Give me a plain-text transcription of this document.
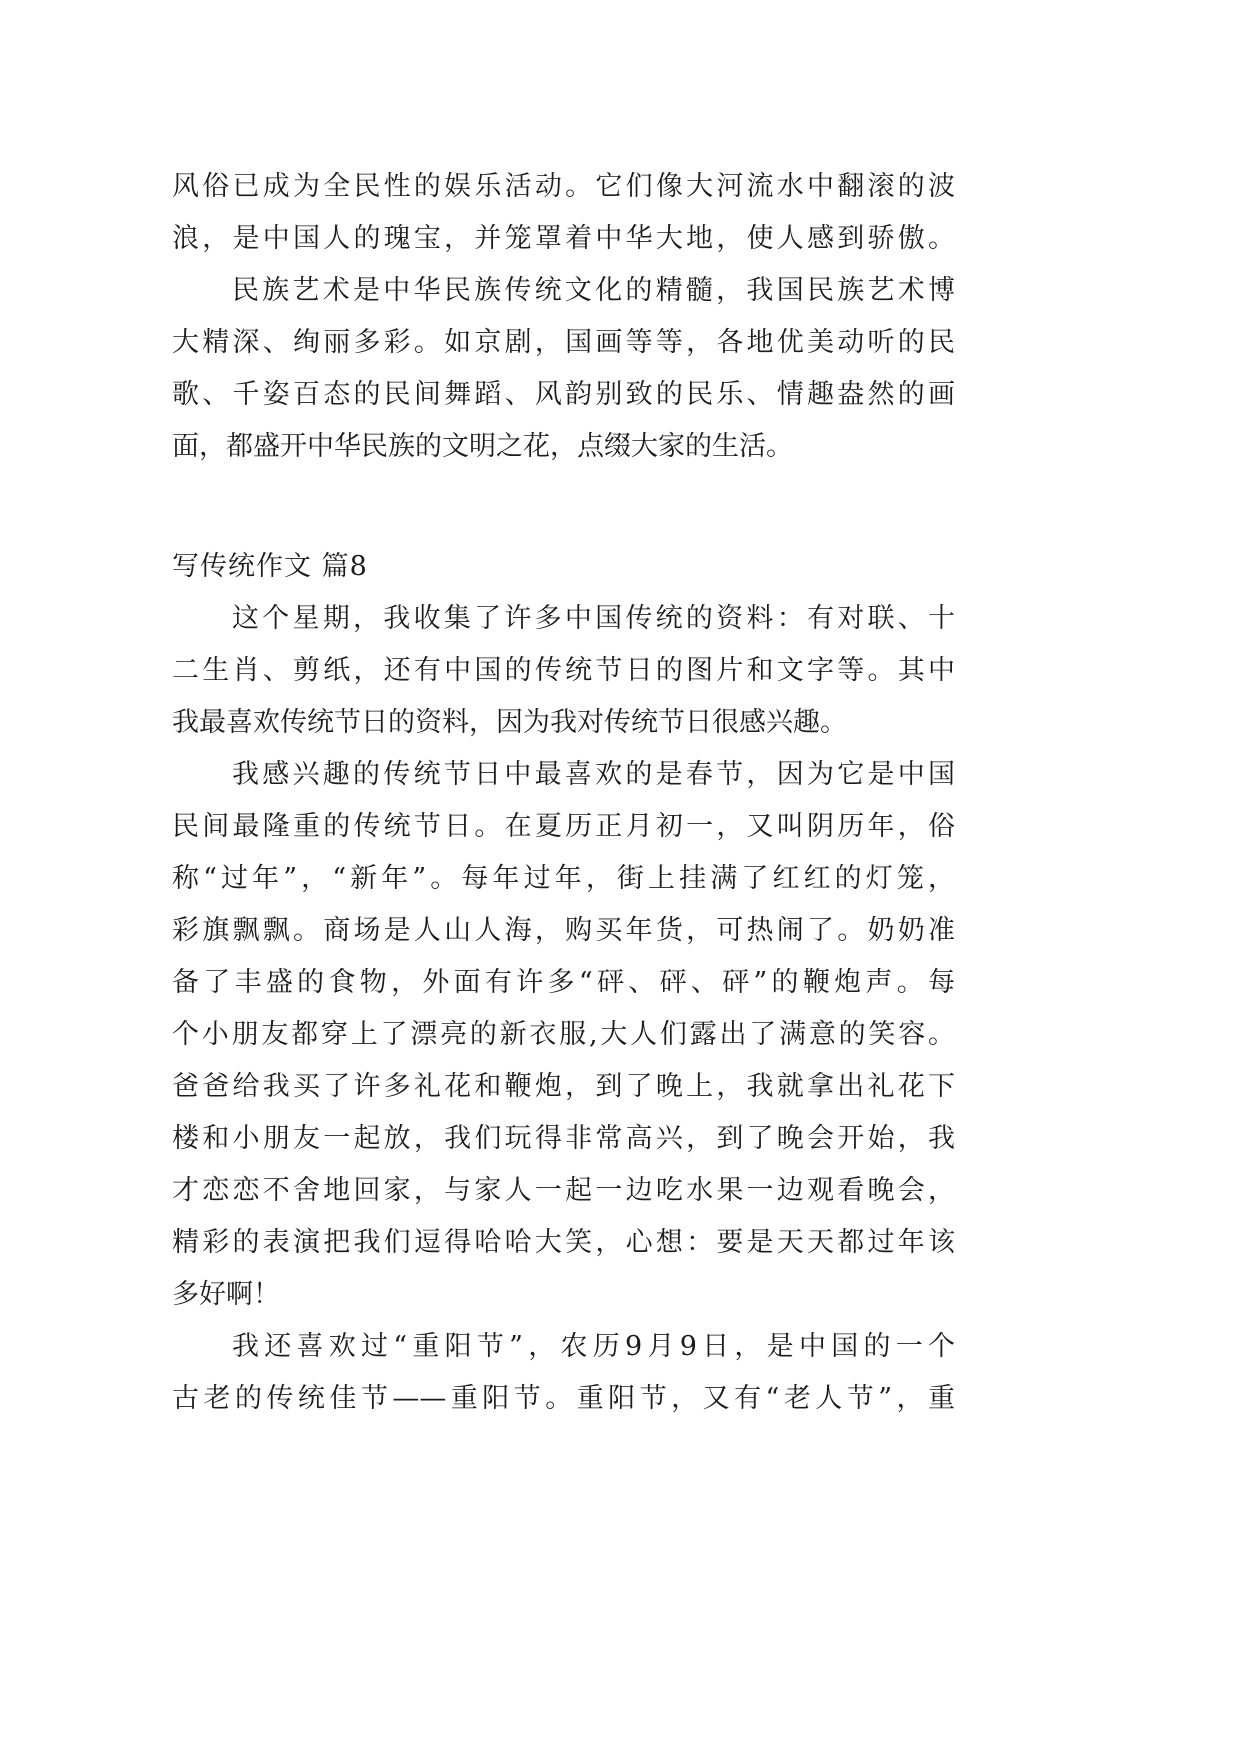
风俗已成为全民性的娱乐活动。它们像大河流水中翻滚的波
浪，是中国人的瑰宝，并笼罩着中华大地，使人感到骄傲。
民族艺术是中华民族传统文化的精髓，我国民族艺术博
大精深、绚丽多彩。如京剧，国画等等，各地优美动听的民
歌、千姿百态的民间舞蹈、风韵别致的民乐、情趣盎然的画
面，都盛开中华民族的文明之花，点缀大家的生活。
写传统作文 篇8
这个星期，我收集了许多中国传统的资料：有对联、十
二生肖、剪纸，还有中国的传统节日的图片和文字等。其中
我最喜欢传统节日的资料，因为我对传统节日很感兴趣。
我感兴趣的传统节日中最喜欢的是春节，因为它是中国
民间最隆重的传统节日。在夏历正月初一，又叫阴历年，俗
称“过年”，“新年”。每年过年，街上挂满了红红的灯笼，
彩旗飘飘。商场是人山人海，购买年货，可热闹了。奶奶准
备了丰盛的食物，外面有许多“砰、砰、砰”的鞭炮声。每
个小朋友都穿上了漂亮的新衣服,大人们露出了满意的笑容。
爸爸给我买了许多礼花和鞭炮，到了晚上，我就拿出礼花下
楼和小朋友一起放，我们玩得非常高兴，到了晚会开始，我
才恋恋不舍地回家，与家人一起一边吃水果一边观看晚会，
精彩的表演把我们逗得哈哈大笑，心想：要是天天都过年该
多好啊！
我还喜欢过“重阳节”，农历9月9日，是中国的一个
古老的传统佳节——重阳节。重阳节，又有“老人节”，重
